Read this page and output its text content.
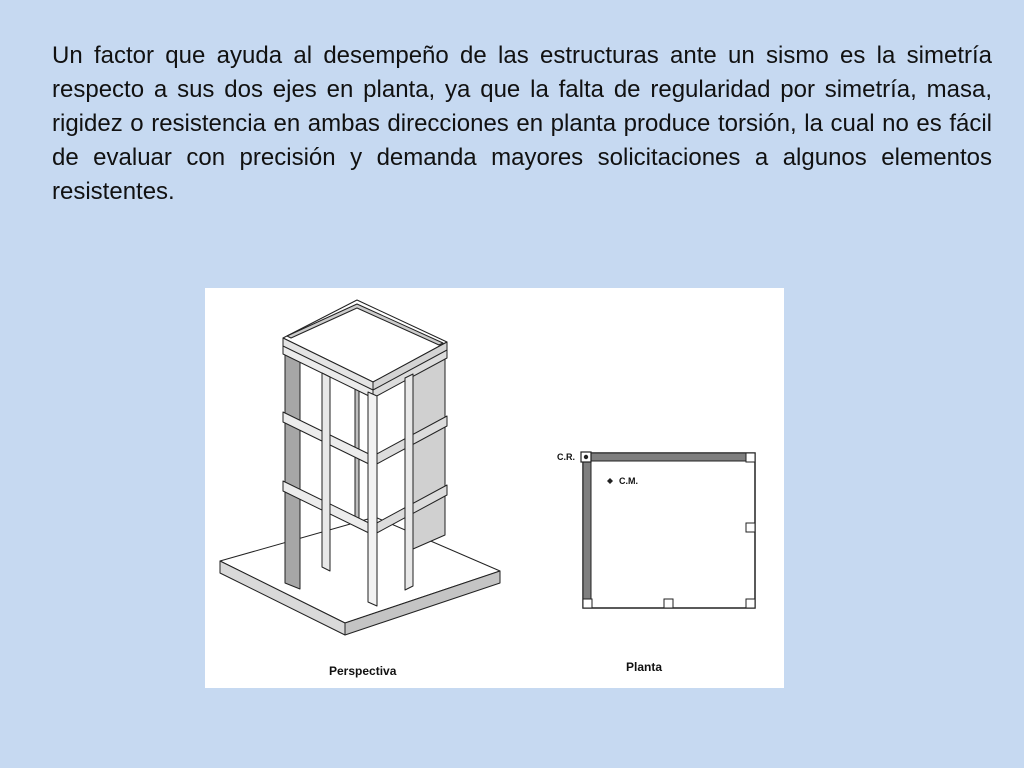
Un factor que ayuda al desempeño de las estructuras ante un sismo es la simetría respecto a sus dos ejes en planta, ya que la falta de regularidad por simetría, masa, rigidez o resistencia en ambas direcciones en planta produce torsión, la cual no es fácil de evaluar con precisión y demanda mayores solicitaciones a algunos elementos resistentes.

C.R.
C.M.
Perspectiva	Planta
